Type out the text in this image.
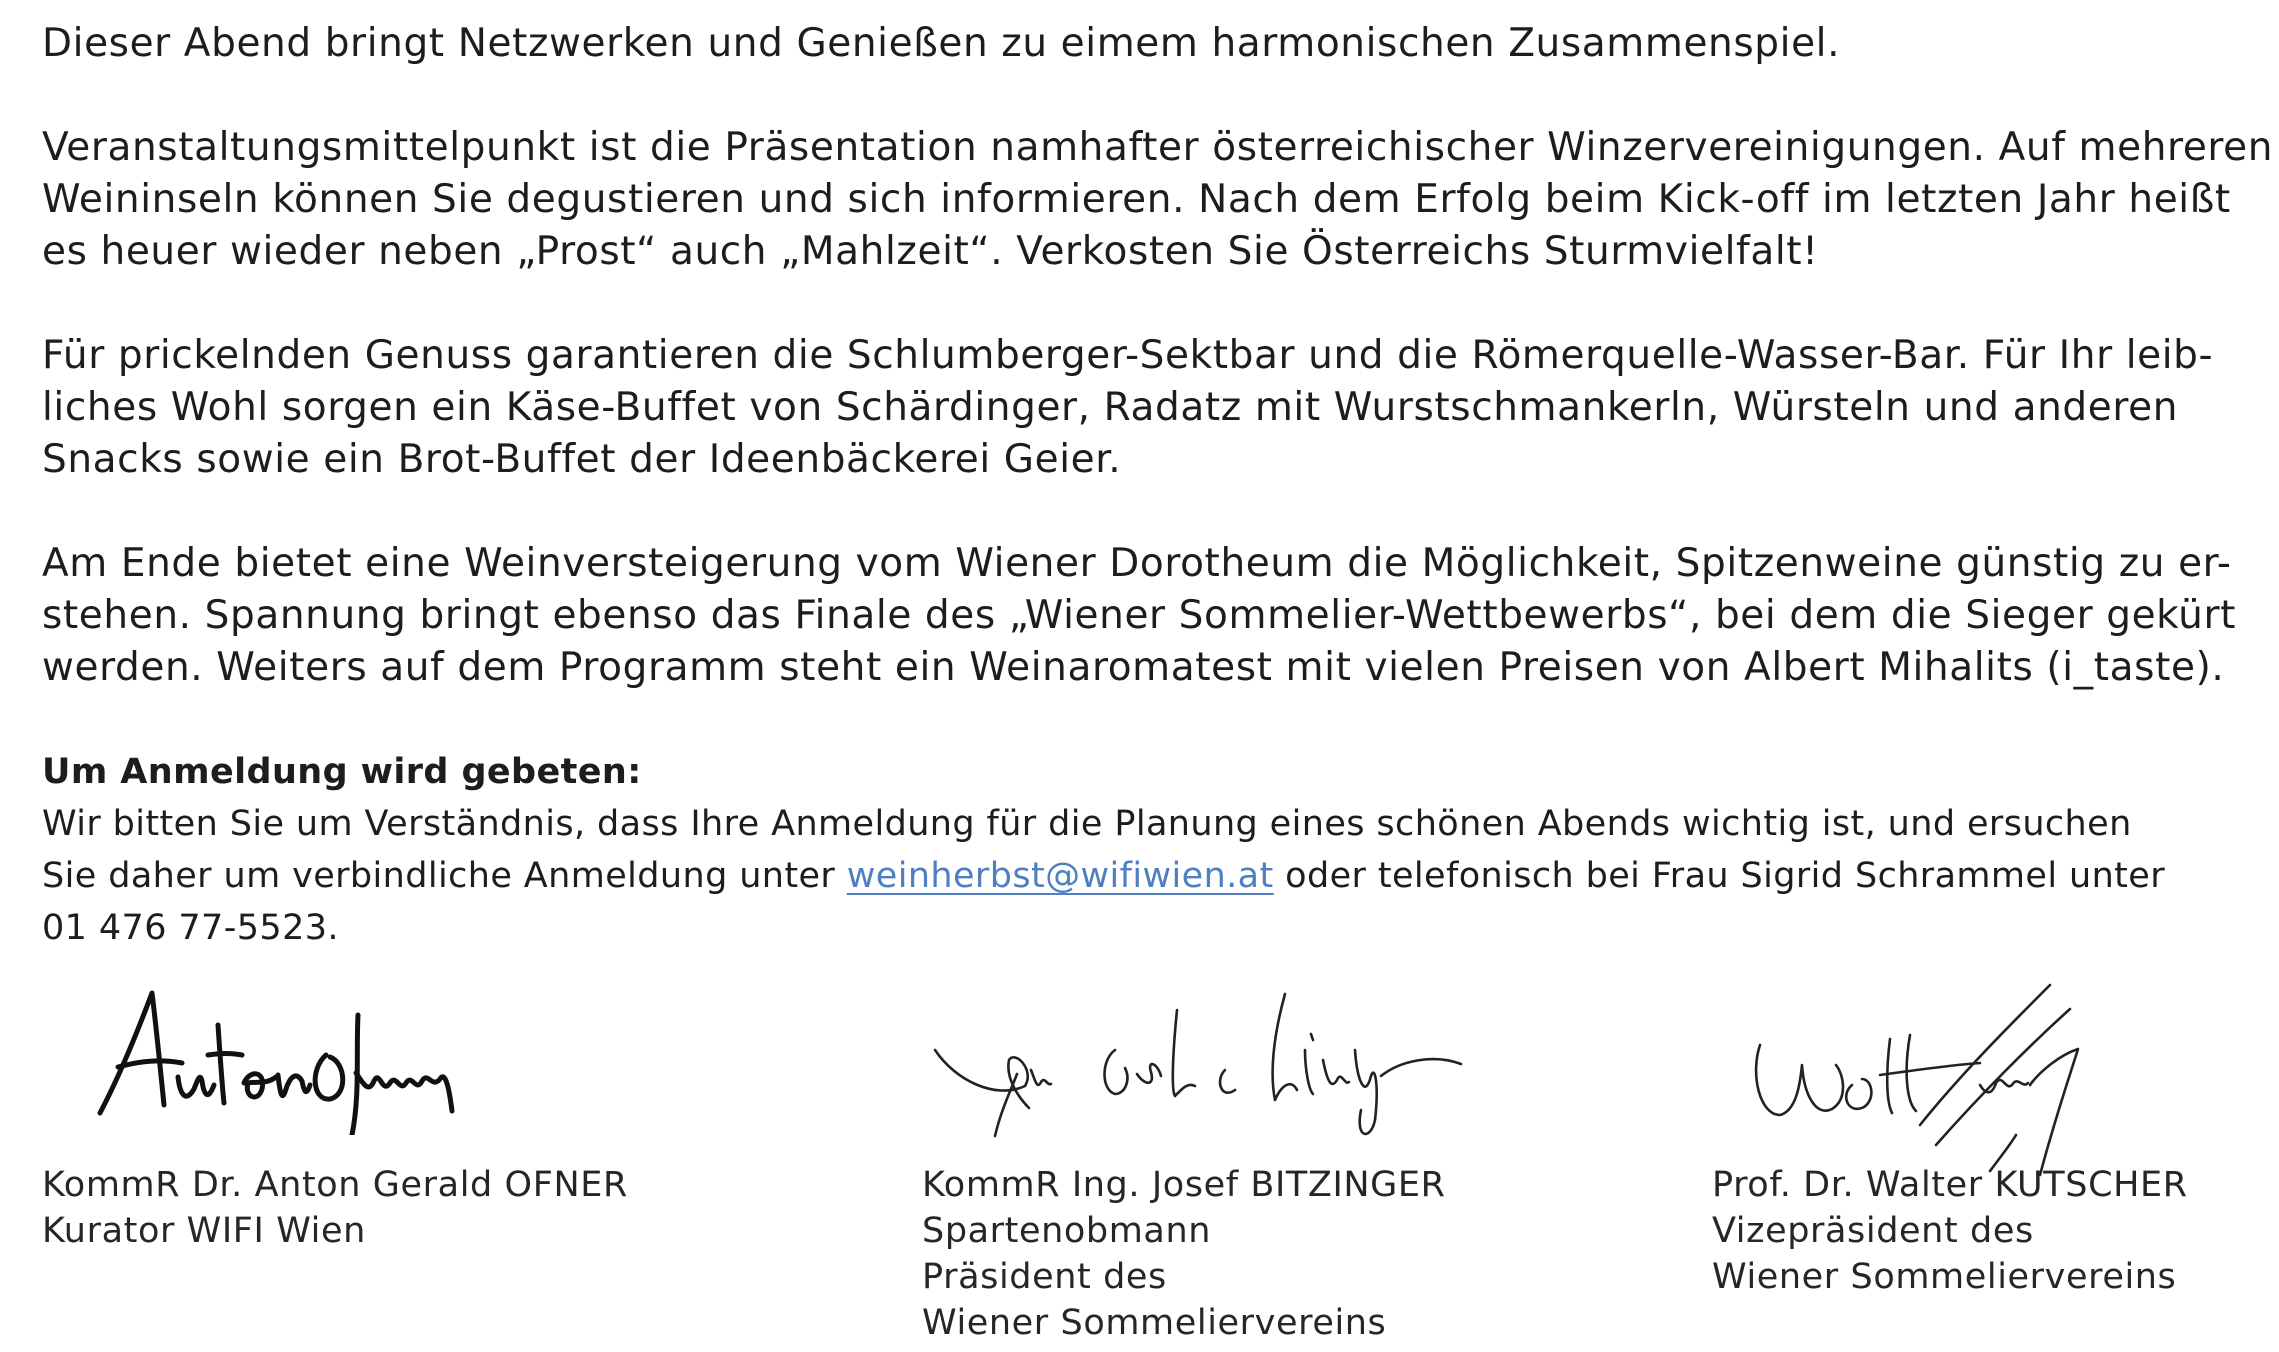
Dieser Abend bringt Netzwerken und Genießen zu eimem harmonischen Zusammenspiel.

Veranstaltungsmittelpunkt ist die Präsentation namhafter österreichischer Winzervereinigungen. Auf mehreren
Weininseln können Sie degustieren und sich informieren. Nach dem Erfolg beim Kick-off im letzten Jahr heißt
es heuer wieder neben „Prost“ auch „Mahlzeit“. Verkosten Sie Österreichs Sturmvielfalt!

Für prickelnden Genuss garantieren die Schlumberger-Sektbar und die Römerquelle-Wasser-Bar. Für Ihr leib-
liches Wohl sorgen ein Käse-Buffet von Schärdinger, Radatz mit Wurstschmankerln, Würsteln und anderen
Snacks sowie ein Brot-Buffet der Ideenbäckerei Geier.

Am Ende bietet eine Weinversteigerung vom Wiener Dorotheum die Möglichkeit, Spitzenweine günstig zu er-
stehen. Spannung bringt ebenso das Finale des „Wiener Sommelier-Wettbewerbs“, bei dem die Sieger gekürt
werden. Weiters auf dem Programm steht ein Weinaromatest mit vielen Preisen von Albert Mihalits (i_taste).

Um Anmeldung wird gebeten:
Wir bitten Sie um Verständnis, dass Ihre Anmeldung für die Planung eines schönen Abends wichtig ist, und ersuchen
Sie daher um verbindliche Anmeldung unter weinherbst@wifiwien.at oder telefonisch bei Frau Sigrid Schrammel unter
01 476 77-5523.
KommR Dr. Anton Gerald OFNER
Kurator WIFI Wien
KommR Ing. Josef BITZINGER
Spartenobmann
Präsident des
Wiener Sommeliervereins
Prof. Dr. Walter KUTSCHER
Vizepräsident des
Wiener Sommeliervereins
